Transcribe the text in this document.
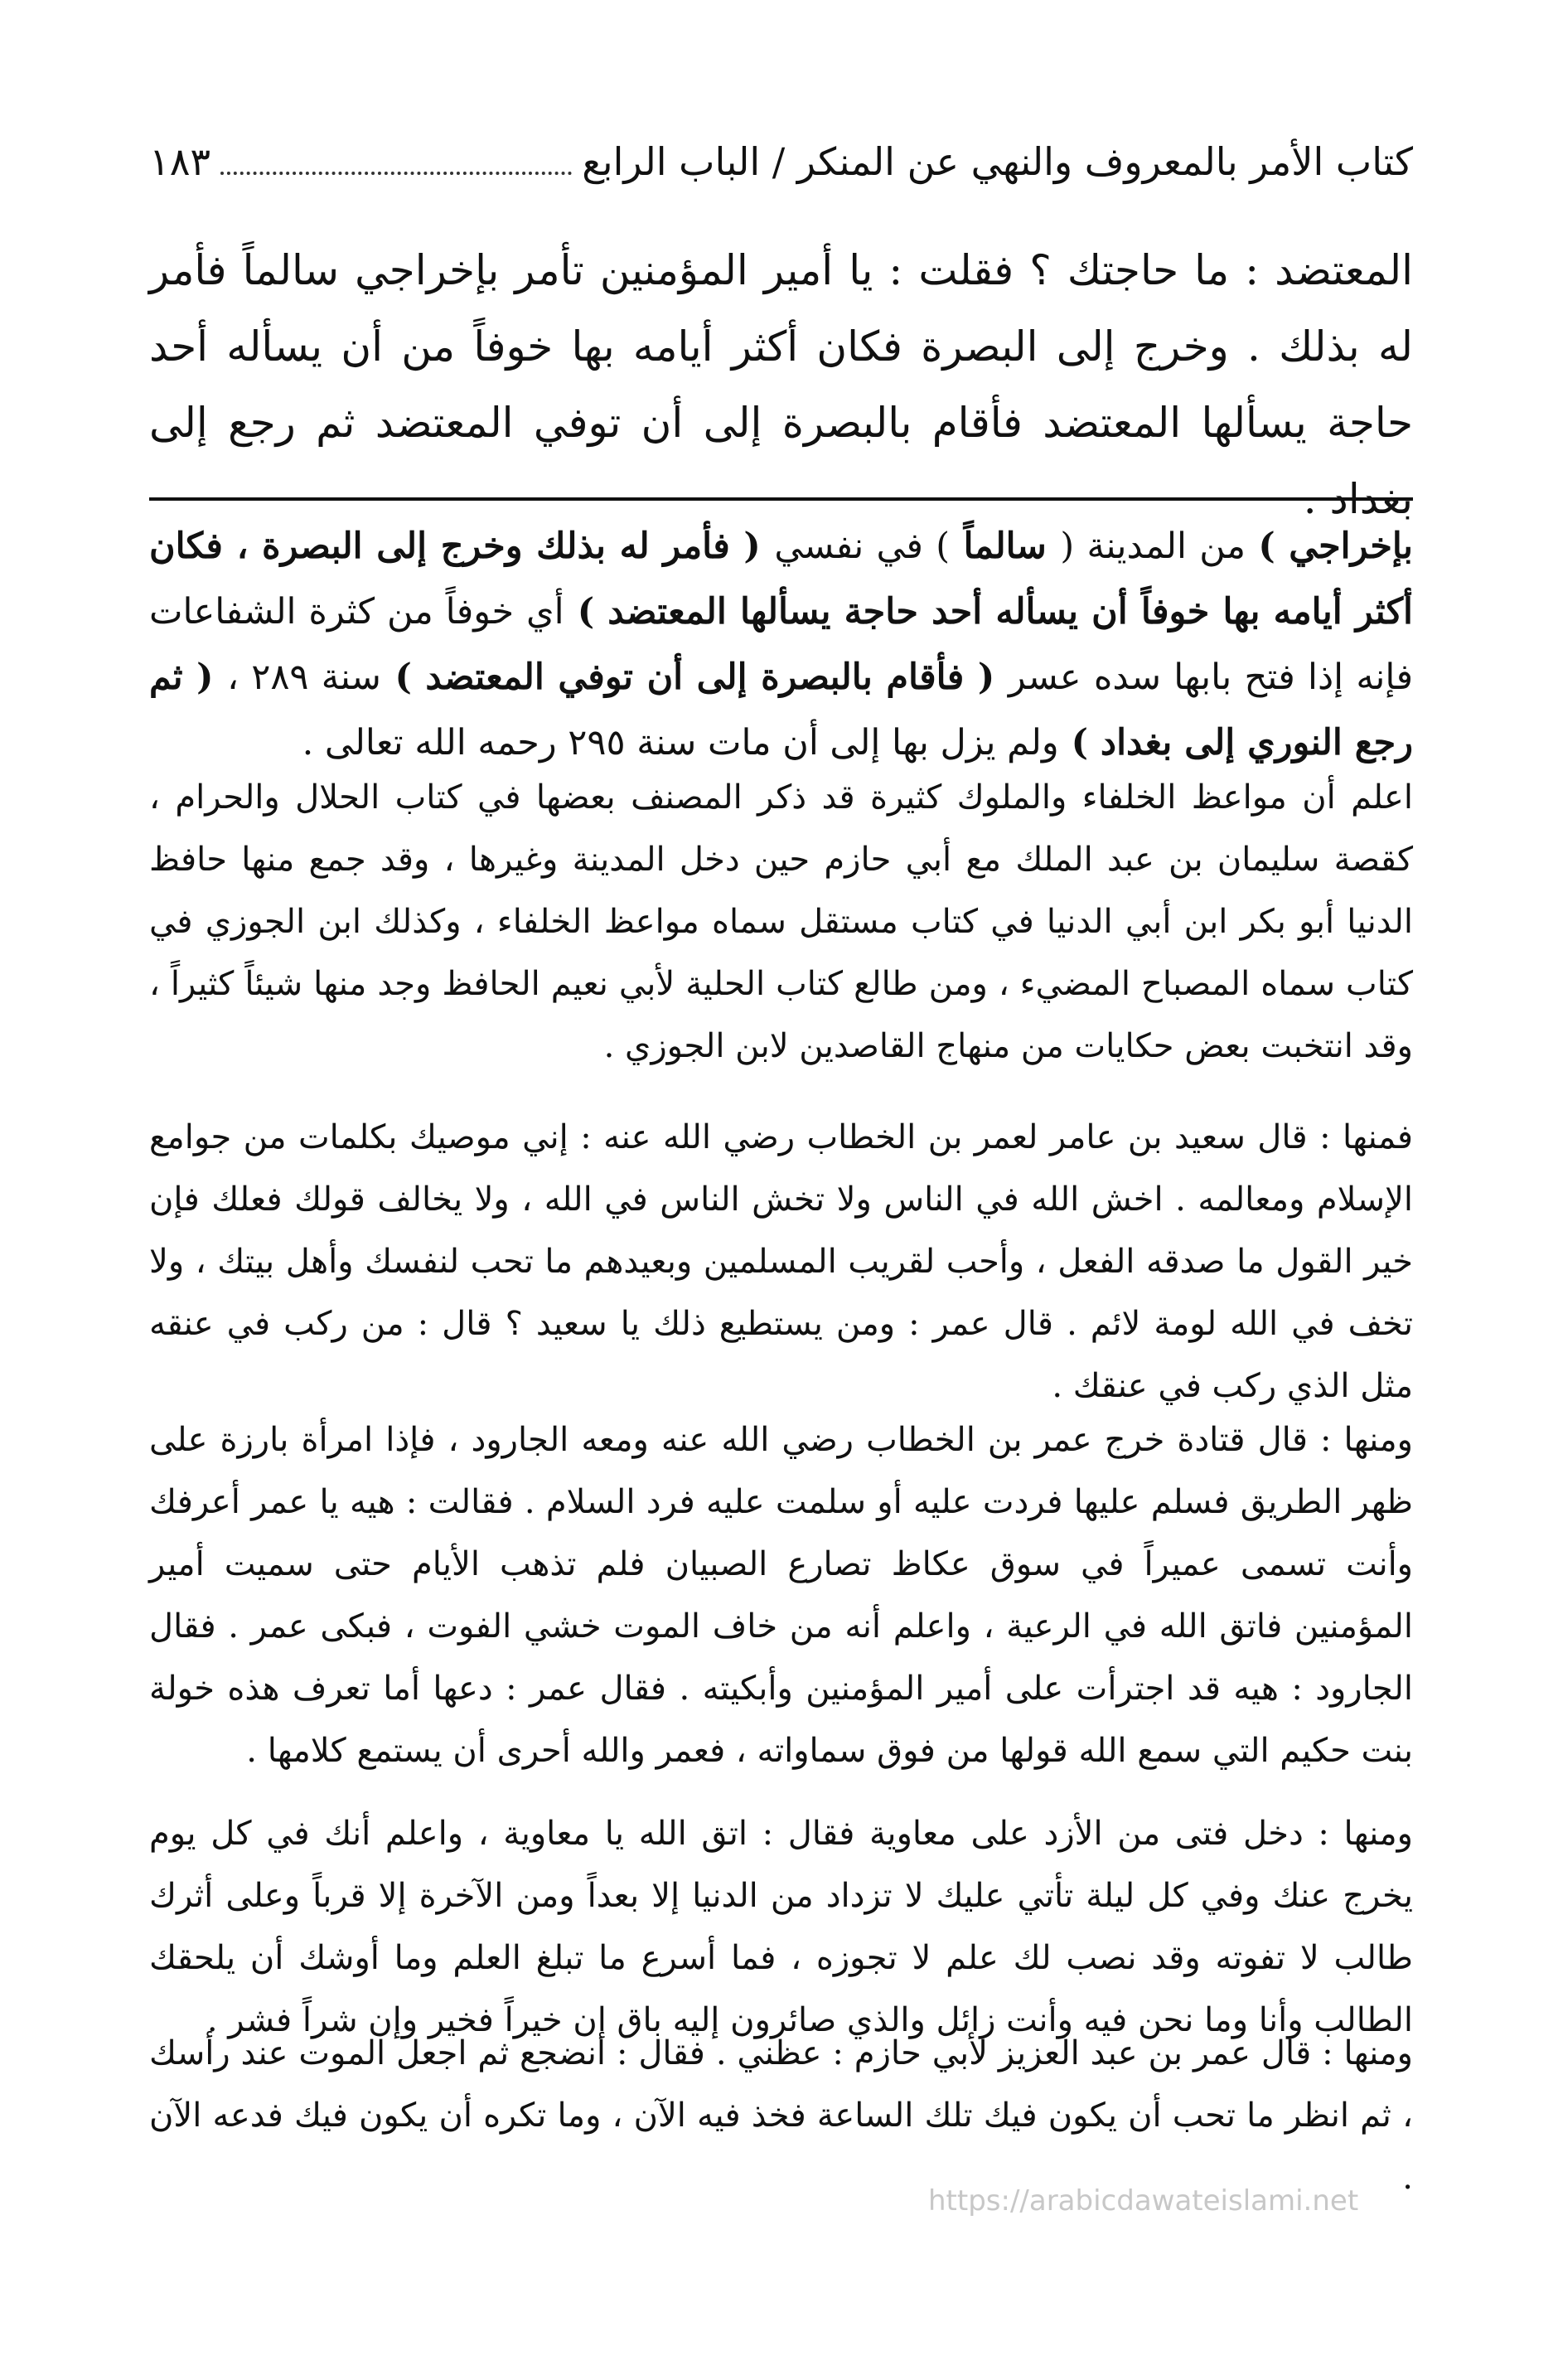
كتاب الأمر بالمعروف والنهي عن المنكر / الباب الرابع
١٨٣

المعتضد : ما حاجتك ؟ فقلت : يا أمير المؤمنين تأمر بإخراجي سالماً فأمر له بذلك . وخرج إلى البصرة فكان أكثر أيامه بها خوفاً من أن يسأله أحد حاجة يسألها المعتضد فأقام بالبصرة إلى أن توفي المعتضد ثم رجع إلى بغداد .

بإخراجي ) من المدينة ( سالماً ) في نفسي ( فأمر له بذلك وخرج إلى البصرة ، فكان أكثر أيامه بها خوفاً أن يسأله أحد حاجة يسألها المعتضد ) أي خوفاً من كثرة الشفاعات فإنه إذا فتح بابها سده عسر ( فأقام بالبصرة إلى أن توفي المعتضد ) سنة ٢٨٩ ، ( ثم رجع النوري إلى بغداد ) ولم يزل بها إلى أن مات سنة ٢٩٥ رحمه الله تعالى .

اعلم أن مواعظ الخلفاء والملوك كثيرة قد ذكر المصنف بعضها في كتاب الحلال والحرام ، كقصة سليمان بن عبد الملك مع أبي حازم حين دخل المدينة وغيرها ، وقد جمع منها حافظ الدنيا أبو بكر ابن أبي الدنيا في كتاب مستقل سماه مواعظ الخلفاء ، وكذلك ابن الجوزي في كتاب سماه المصباح المضيء ، ومن طالع كتاب الحلية لأبي نعيم الحافظ وجد منها شيئاً كثيراً ، وقد انتخبت بعض حكايات من منهاج القاصدين لابن الجوزي .

فمنها : قال سعيد بن عامر لعمر بن الخطاب رضي الله عنه : إني موصيك بكلمات من جوامع الإسلام ومعالمه . اخش الله في الناس ولا تخش الناس في الله ، ولا يخالف قولك فعلك فإن خير القول ما صدقه الفعل ، وأحب لقريب المسلمين وبعيدهم ما تحب لنفسك وأهل بيتك ، ولا تخف في الله لومة لائم . قال عمر : ومن يستطيع ذلك يا سعيد ؟ قال : من ركب في عنقه مثل الذي ركب في عنقك .

ومنها : قال قتادة خرج عمر بن الخطاب رضي الله عنه ومعه الجارود ، فإذا امرأة بارزة على ظهر الطريق فسلم عليها فردت عليه أو سلمت عليه فرد السلام . فقالت : هيه يا عمر أعرفك وأنت تسمى عميراً في سوق عكاظ تصارع الصبيان فلم تذهب الأيام حتى سميت أمير المؤمنين فاتق الله في الرعية ، واعلم أنه من خاف الموت خشي الفوت ، فبكى عمر . فقال الجارود : هيه قد اجترأت على أمير المؤمنين وأبكيته . فقال عمر : دعها أما تعرف هذه خولة بنت حكيم التي سمع الله قولها من فوق سماواته ، فعمر والله أحرى أن يستمع كلامها .

ومنها : دخل فتى من الأزد على معاوية فقال : اتق الله يا معاوية ، واعلم أنك في كل يوم يخرج عنك وفي كل ليلة تأتي عليك لا تزداد من الدنيا إلا بعداً ومن الآخرة إلا قرباً وعلى أثرك طالب لا تفوته وقد نصب لك علم لا تجوزه ، فما أسرع ما تبلغ العلم وما أوشك أن يلحقك الطالب وأنا وما نحن فيه وأنت زائل والذي صائرون إليه باق إن خيراً فخير وإن شراً فشر .

ومنها : قال عمر بن عبد العزيز لأبي حازم : عظني . فقال : انضجع ثم اجعل الموت عند رأسك ، ثم انظر ما تحب أن يكون فيك تلك الساعة فخذ فيه الآن ، وما تكره أن يكون فيك فدعه الآن .

https://arabicdawateislami.net
